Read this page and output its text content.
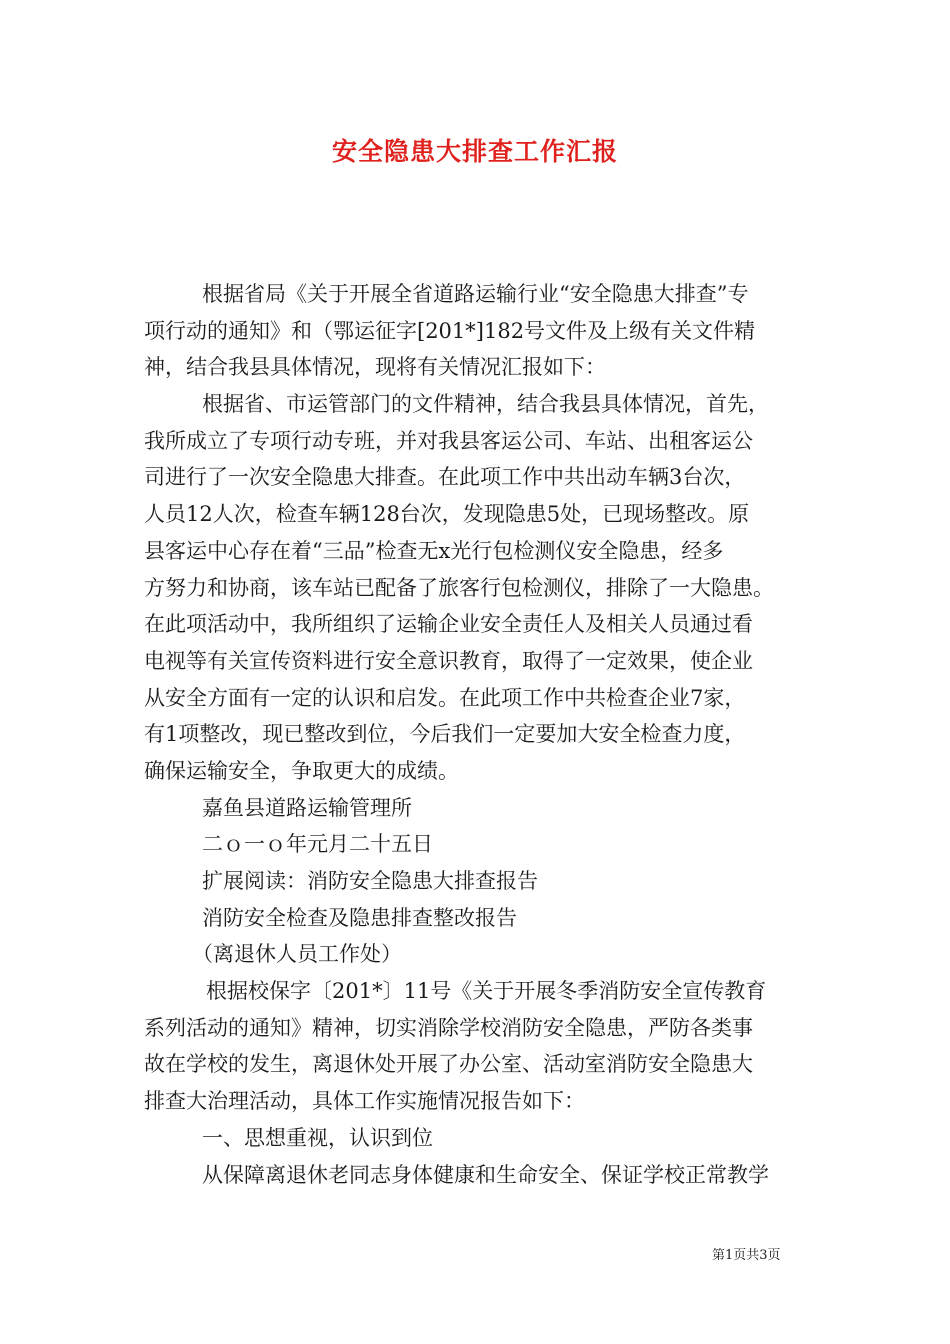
安全隐患大排查工作汇报
根据省局《关于开展全省道路运输行业“安全隐患大排查”专
项行动的通知》和（鄂运征字[201*]182号文件及上级有关文件精
神，结合我县具体情况，现将有关情况汇报如下：
根据省、市运管部门的文件精神，结合我县具体情况，首先，
我所成立了专项行动专班，并对我县客运公司、车站、出租客运公
司进行了一次安全隐患大排查。在此项工作中共出动车辆3台次，
人员12人次，检查车辆128台次，发现隐患5处，已现场整改。原
县客运中心存在着“三品”检查无x光行包检测仪安全隐患，经多
方努力和协商，该车站已配备了旅客行包检测仪，排除了一大隐患。
在此项活动中，我所组织了运输企业安全责任人及相关人员通过看
电视等有关宣传资料进行安全意识教育，取得了一定效果，使企业
从安全方面有一定的认识和启发。在此项工作中共检查企业7家，
有1项整改，现已整改到位，今后我们一定要加大安全检查力度，
确保运输安全，争取更大的成绩。
嘉鱼县道路运输管理所
二ｏ一ｏ年元月二十五日
扩展阅读：消防安全隐患大排查报告
消防安全检查及隐患排查整改报告
（离退休人员工作处）
根据校保字〔201*〕11号《关于开展冬季消防安全宣传教育
系列活动的通知》精神，切实消除学校消防安全隐患，严防各类事
故在学校的发生，离退休处开展了办公室、活动室消防安全隐患大
排查大治理活动，具体工作实施情况报告如下：
一、思想重视，认识到位
从保障离退休老同志身体健康和生命安全、保证学校正常教学
第1页共3页
